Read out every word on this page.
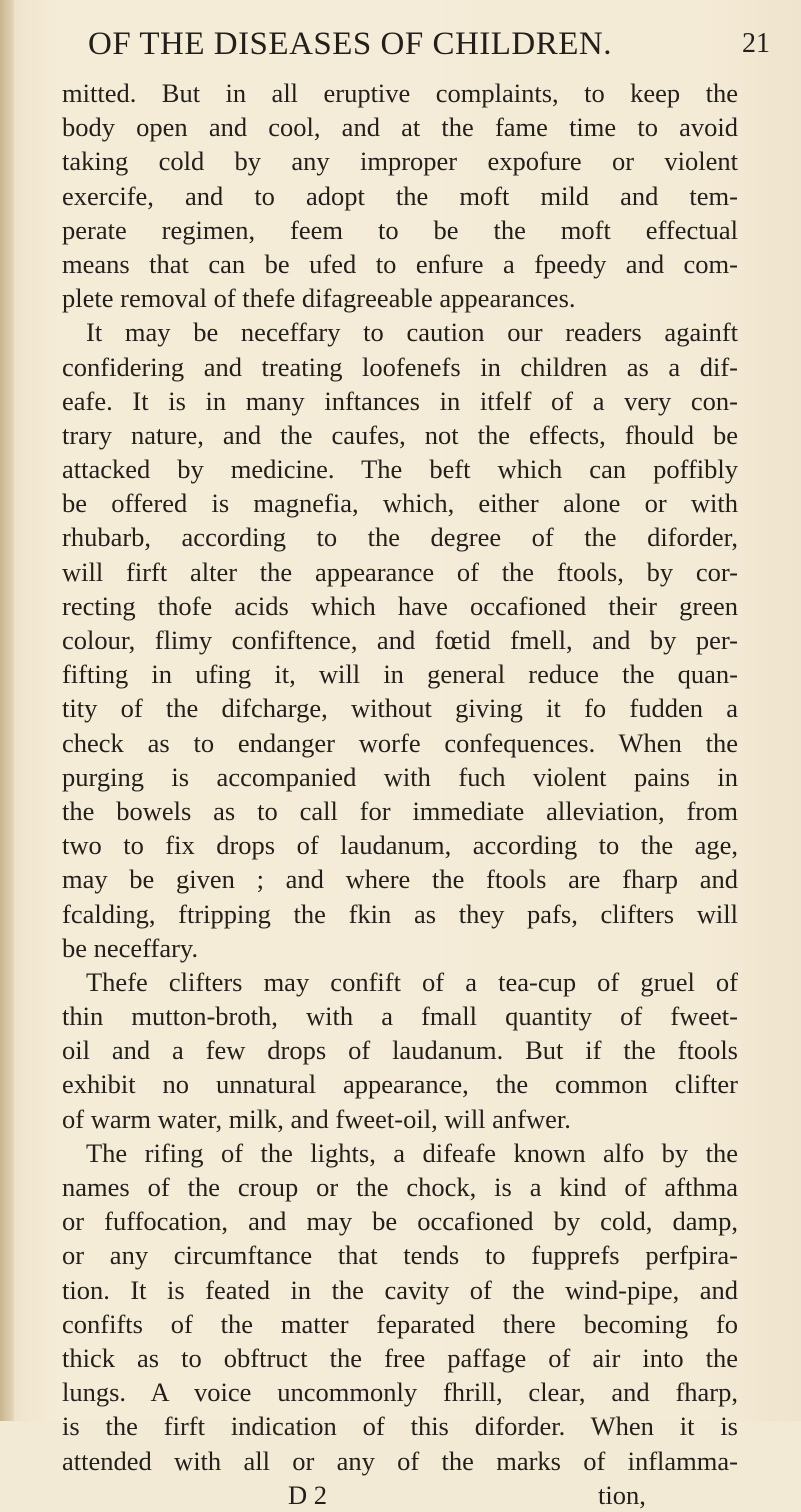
OF THE DISEASES OF CHILDREN.	21
mitted. But in all eruptive complaints, to keep the
body open and cool, and at the fame time to avoid
taking cold by any improper expofure or violent
exercife, and to adopt the moft mild and tem-
perate regimen, feem to be the moft effectual
means that can be ufed to enfure a fpeedy and com-
plete removal of thefe difagreeable appearances.
It may be neceffary to caution our readers againft
confidering and treating loofenefs in children as a dif-
eafe. It is in many inftances in itfelf of a very con-
trary nature, and the caufes, not the effects, fhould be
attacked by medicine. The beft which can poffibly
be offered is magnefia, which, either alone or with
rhubarb, according to the degree of the diforder,
will firft alter the appearance of the ftools, by cor-
recting thofe acids which have occafioned their green
colour, flimy confiftence, and fœtid fmell, and by per-
fifting in ufing it, will in general reduce the quan-
tity of the difcharge, without giving it fo fudden a
check as to endanger worfe confequences. When the
purging is accompanied with fuch violent pains in
the bowels as to call for immediate alleviation, from
two to fix drops of laudanum, according to the age,
may be given ; and where the ftools are fharp and
fcalding, ftripping the fkin as they pafs, clifters will
be neceffary.
Thefe clifters may confift of a tea-cup of gruel of
thin mutton-broth, with a fmall quantity of fweet-
oil and a few drops of laudanum. But if the ftools
exhibit no unnatural appearance, the common clifter
of warm water, milk, and fweet-oil, will anfwer.
The rifing of the lights, a difeafe known alfo by the
names of the croup or the chock, is a kind of afthma
or fuffocation, and may be occafioned by cold, damp,
or any circumftance that tends to fupprefs perfpira-
tion. It is feated in the cavity of the wind-pipe, and
confifts of the matter feparated there becoming fo
thick as to obftruct the free paffage of air into the
lungs. A voice uncommonly fhrill, clear, and fharp,
is the firft indication of this diforder. When it is
attended with all or any of the marks of inflamma-
D 2	tion,
